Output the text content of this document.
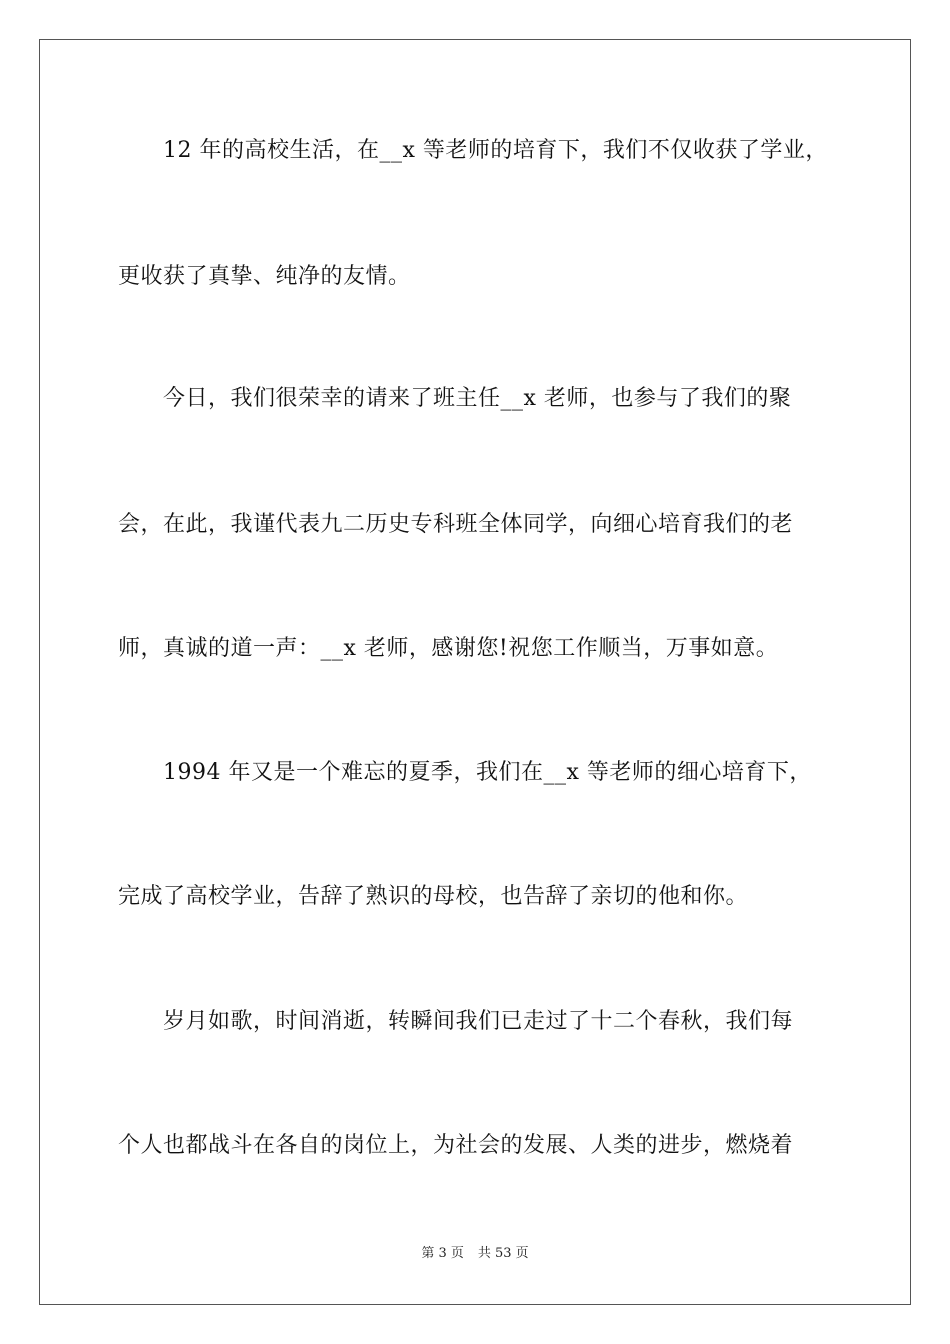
12 年的高校生活，在__x 等老师的培育下，我们不仅收获了学业，
更收获了真挚、纯净的友情。
今日，我们很荣幸的请来了班主任__x 老师，也参与了我们的聚
会，在此，我谨代表九二历史专科班全体同学，向细心培育我们的老
师，真诚的道一声：__x 老师，感谢您!祝您工作顺当，万事如意。
1994 年又是一个难忘的夏季，我们在__x 等老师的细心培育下，
完成了高校学业，告辞了熟识的母校，也告辞了亲切的他和你。
岁月如歌，时间消逝，转瞬间我们已走过了十二个春秋，我们每
个人也都战斗在各自的岗位上，为社会的发展、人类的进步，燃烧着
第 3 页 共 53 页
